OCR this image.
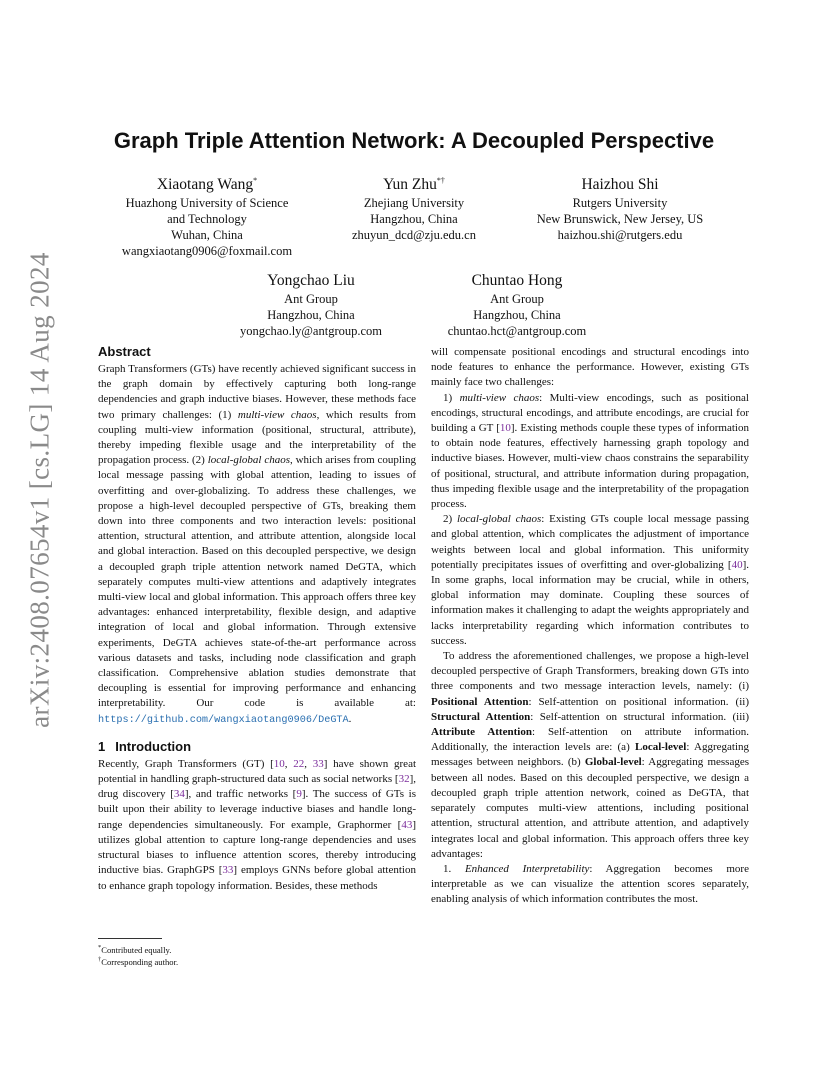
arXiv:2408.07654v1 [cs.LG] 14 Aug 2024
Graph Triple Attention Network: A Decoupled Perspective
Xiaotang Wang*
Huazhong University of Science
and Technology
Wuhan, China
wangxiaotang0906@foxmail.com
Yun Zhu*†
Zhejiang University
Hangzhou, China
zhuyun_dcd@zju.edu.cn
Haizhou Shi
Rutgers University
New Brunswick, New Jersey, US
haizhou.shi@rutgers.edu
Yongchao Liu
Ant Group
Hangzhou, China
yongchao.ly@antgroup.com
Chuntao Hong
Ant Group
Hangzhou, China
chuntao.hct@antgroup.com
Abstract

Graph Transformers (GTs) have recently achieved significant success in the graph domain by effectively capturing both long-range dependencies and graph inductive biases. However, these methods face two primary challenges: (1) multi-view chaos, which results from coupling multi-view information (positional, structural, attribute), thereby impeding flexible usage and the interpretability of the propagation process. (2) local-global chaos, which arises from coupling local message passing with global attention, leading to issues of overfitting and over-globalizing. To address these challenges, we propose a high-level decoupled perspective of GTs, breaking them down into three components and two interaction levels: positional attention, structural attention, and attribute attention, alongside local and global interaction. Based on this decoupled perspective, we design a decoupled graph triple attention network named DeGTA, which separately computes multi-view attentions and adaptively integrates multi-view local and global information. This approach offers three key advantages: enhanced interpretability, flexible design, and adaptive integration of local and global information. Through extensive experiments, DeGTA achieves state-of-the-art performance across various datasets and tasks, including node classification and graph classification. Comprehensive ablation studies demonstrate that decoupling is essential for improving performance and enhancing interpretability. Our code is available at: https://github.com/wangxiaotang0906/DeGTA.

1 Introduction

Recently, Graph Transformers (GT) [10, 22, 33] have shown great potential in handling graph-structured data such as social networks [32], drug discovery [34], and traffic networks [9]. The success of GTs is built upon their ability to leverage inductive biases and handle long-range dependencies simultaneously. For example, Graphormer [43] utilizes global attention to capture long-range dependencies and uses structural biases to influence attention scores, thereby introducing inductive bias. GraphGPS [33] employs GNNs before global attention to enhance graph topology information. Besides, these methods

will compensate positional encodings and structural encodings into node features to enhance the performance. However, existing GTs mainly face two challenges:

1) multi-view chaos: Multi-view encodings, such as positional encodings, structural encodings, and attribute encodings, are crucial for building a GT [10]. Existing methods couple these types of information to obtain node features, effectively harnessing graph topology and inductive biases. However, multi-view chaos constrains the separability of positional, structural, and attribute information during propagation, thus impeding flexible usage and the interpretability of the propagation process.

2) local-global chaos: Existing GTs couple local message passing and global attention, which complicates the adjustment of importance weights between local and global information. This uniformity potentially precipitates issues of overfitting and over-globalizing [40]. In some graphs, local information may be crucial, while in others, global information may dominate. Coupling these sources of information makes it challenging to adapt the weights appropriately and lacks interpretability regarding which information contributes to success.

To address the aforementioned challenges, we propose a high-level decoupled perspective of Graph Transformers, breaking down GTs into three components and two message interaction levels, namely: (i) Positional Attention: Self-attention on positional information. (ii) Structural Attention: Self-attention on structural information. (iii) Attribute Attention: Self-attention on attribute information. Additionally, the interaction levels are: (a) Local-level: Aggregating messages between neighbors. (b) Global-level: Aggregating messages between all nodes. Based on this decoupled perspective, we design a decoupled graph triple attention network, coined as DeGTA, that separately computes multi-view attentions, including positional attention, structural attention, and attribute attention, and adaptively integrates local and global information. This approach offers three key advantages:

1. Enhanced Interpretability: Aggregation becomes more interpretable as we can visualize the attention scores separately, enabling analysis of which information contributes the most.

*Contributed equally.
†Corresponding author.
